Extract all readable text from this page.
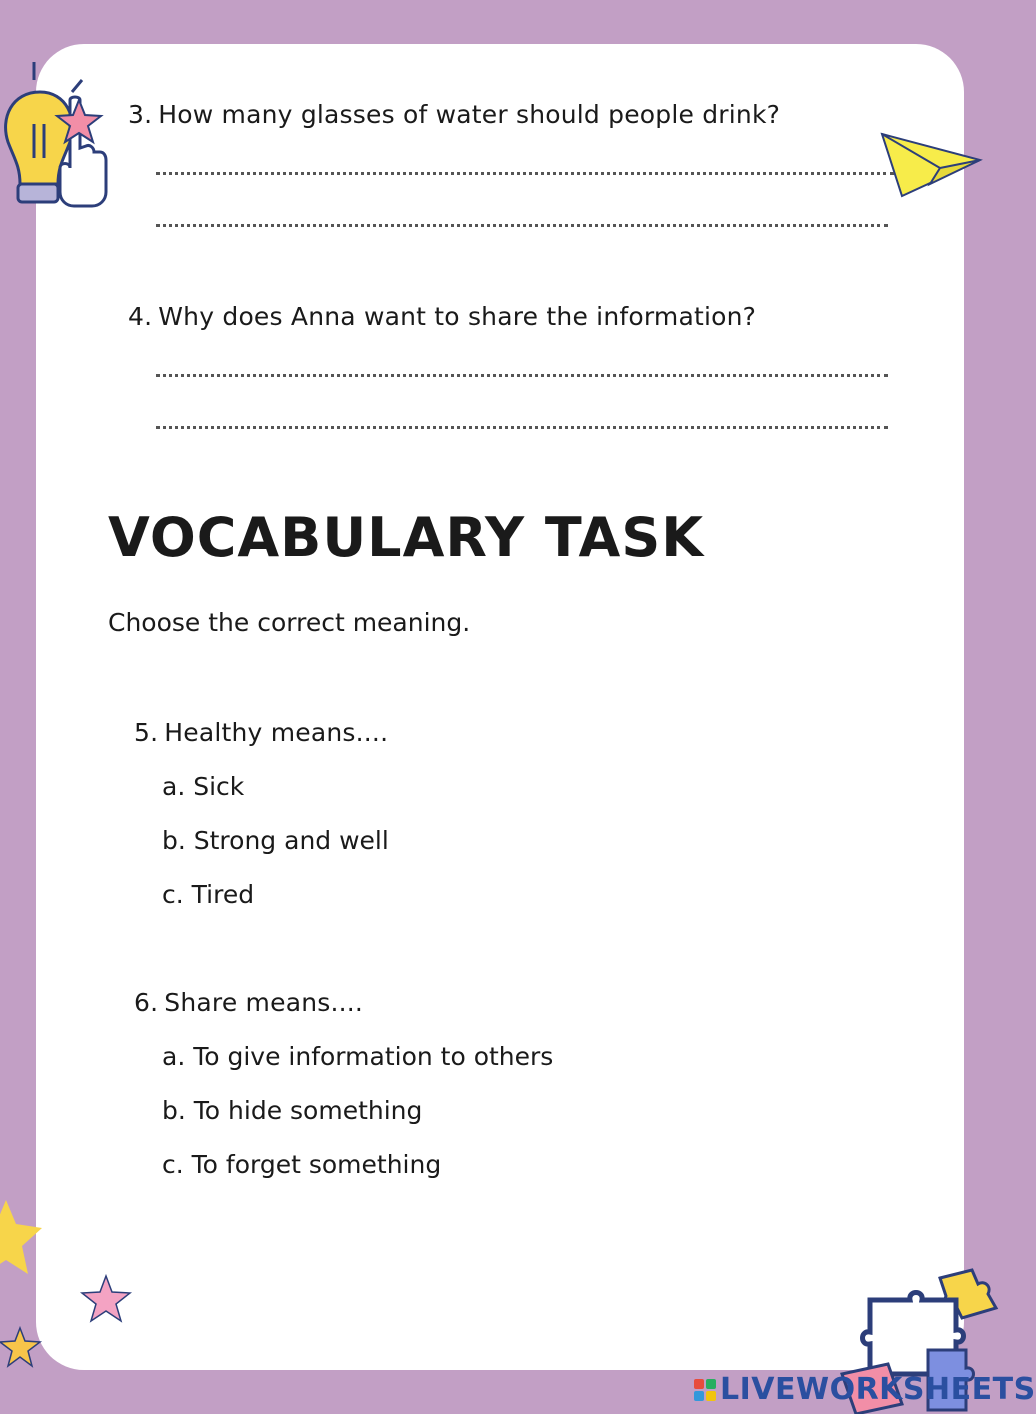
3. How many glasses of water should people drink?
4. Why does Anna want to share the information?
VOCABULARY TASK
Choose the correct meaning.
5. Healthy means....
a. Sick
b. Strong and well
c. Tired
6. Share means....
a. To give information to others
b. To hide something
c. To forget something
LIVEWORKSHEETS
